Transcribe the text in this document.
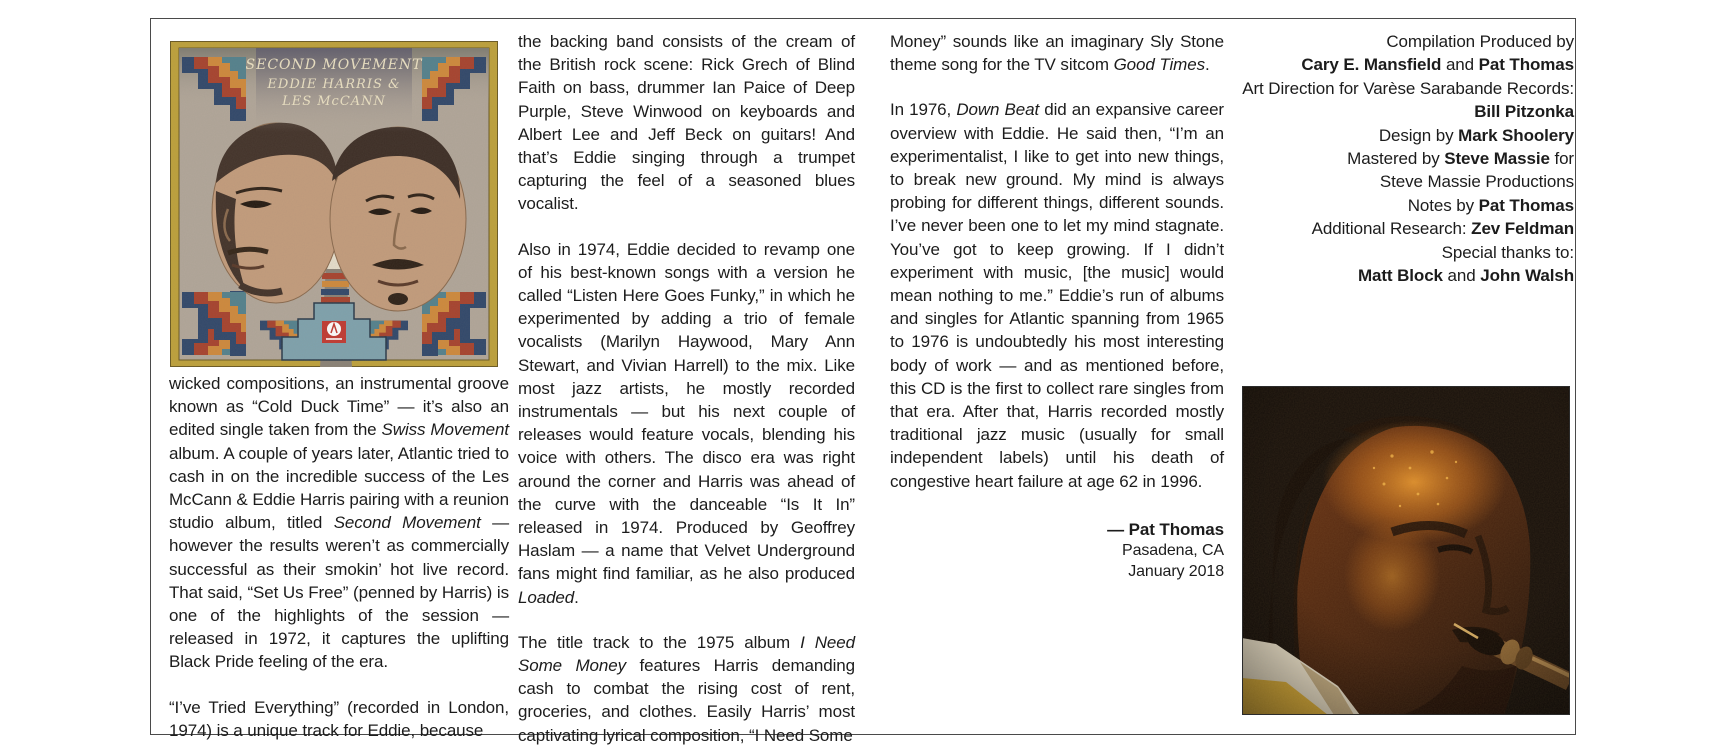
wicked compositions, an instrumental groove known as “Cold Duck Time” — it’s also an edited single taken from the Swiss Movement album. A couple of years later, Atlantic tried to cash in on the incredible success of the Les McCann & Eddie Harris pairing with a reunion studio album, titled Second Movement — however the results weren’t as commercially successful as their smokin’ hot live record. That said, “Set Us Free” (penned by Harris) is one of the highlights of the session — released in 1972, it captures the uplifting Black Pride feeling of the era.

“I’ve Tried Everything” (recorded in London, 1974) is a unique track for Eddie, because

the backing band consists of the cream of the British rock scene: Rick Grech of Blind Faith on bass, drummer Ian Paice of Deep Purple, Steve Winwood on keyboards and Albert Lee and Jeff Beck on guitars! And that’s Eddie singing through a trumpet capturing the feel of a seasoned blues vocalist.

Also in 1974, Eddie decided to revamp one of his best-known songs with a version he called “Listen Here Goes Funky,” in which he experimented by adding a trio of female vocalists (Marilyn Haywood, Mary Ann Stewart, and Vivian Harrell) to the mix. Like most jazz artists, he mostly recorded instrumentals — but his next couple of releases would feature vocals, blending his voice with others. The disco era was right around the corner and Harris was ahead of the curve with the danceable “Is It In” released in 1974. Produced by Geoffrey Haslam — a name that Velvet Underground fans might find familiar, as he also produced Loaded.

The title track to the 1975 album I Need Some Money features Harris demanding cash to combat the rising cost of rent, groceries, and clothes. Easily Harris’ most captivating lyrical composition, “I Need Some

Money” sounds like an imaginary Sly Stone theme song for the TV sitcom Good Times.

In 1976, Down Beat did an expansive career overview with Eddie. He said then, “I’m an experimentalist, I like to get into new things, to break new ground. My mind is always probing for different things, different sounds. I’ve never been one to let my mind stagnate. You’ve got to keep growing. If I didn’t experiment with music, [the music] would mean nothing to me.” Eddie’s run of albums and singles for Atlantic spanning from 1965 to 1976 is undoubtedly his most interesting body of work — and as mentioned before, this CD is the first to collect rare singles from that era. After that, Harris recorded mostly traditional jazz music (usually for small independent labels) until his death of congestive heart failure at age 62 in 1996.

— Pat Thomas
Pasadena, CA
January 2018
Compilation Produced by
Cary E. Mansfield and Pat Thomas
Art Direction for Varèse Sarabande Records:
Bill Pitzonka
Design by Mark Shoolery
Mastered by Steve Massie for
Steve Massie Productions
Notes by Pat Thomas
Additional Research: Zev Feldman
Special thanks to:
Matt Block and John Walsh
